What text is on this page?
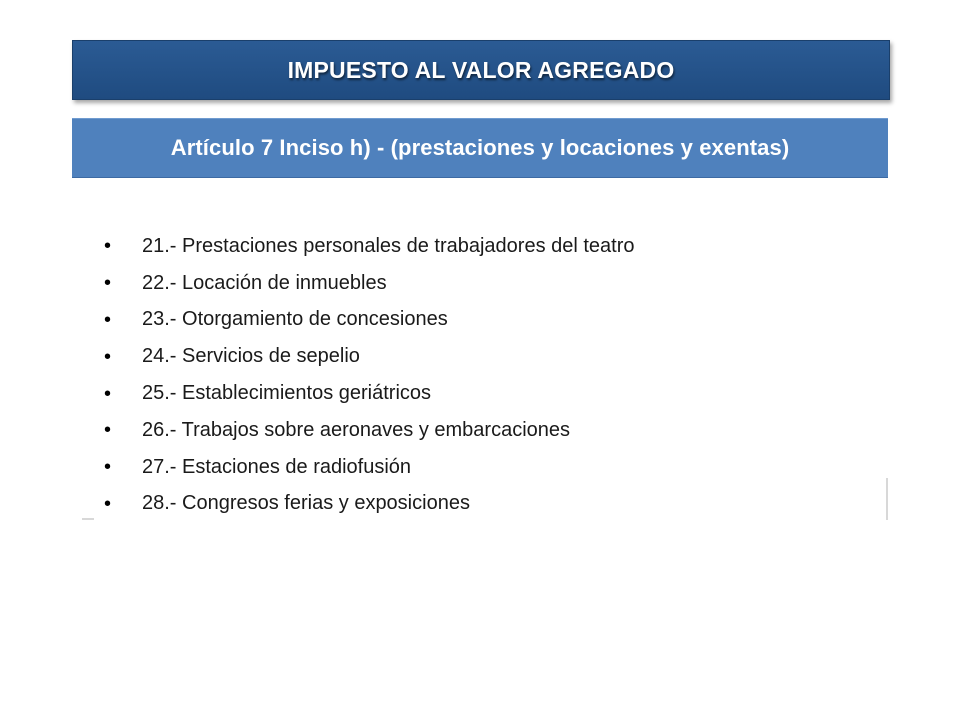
IMPUESTO AL VALOR AGREGADO
Artículo 7 Inciso h) - (prestaciones y locaciones y exentas)
•	21.- Prestaciones personales de trabajadores del teatro
•	22.- Locación de inmuebles
•	23.- Otorgamiento de concesiones
•	24.- Servicios de sepelio
•	25.- Establecimientos geriátricos
•	26.- Trabajos sobre aeronaves y embarcaciones
•	27.- Estaciones de radiofusión
•	28.- Congresos ferias y exposiciones
